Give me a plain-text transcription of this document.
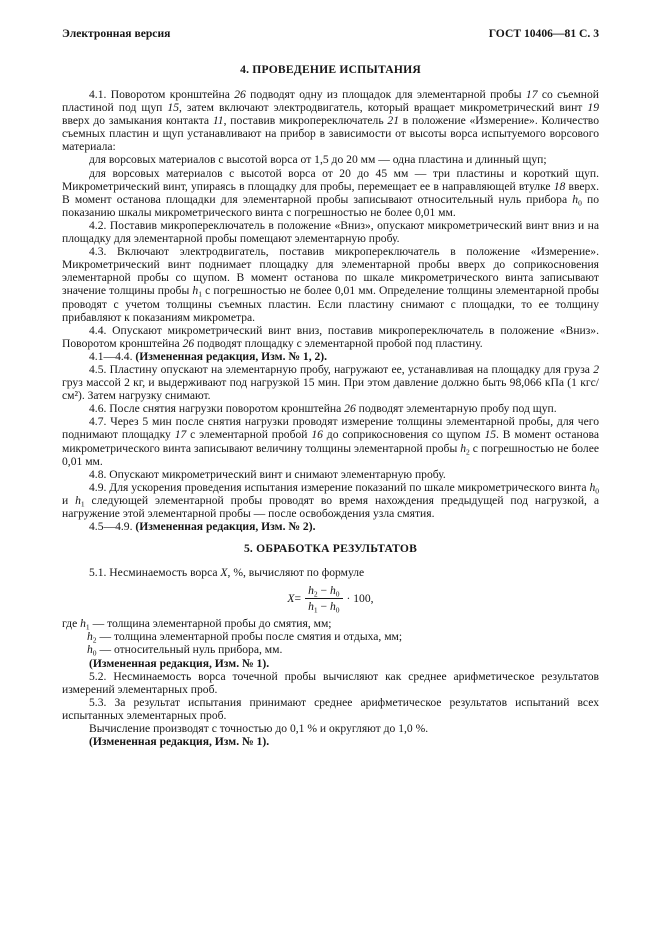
Электронная версия	ГОСТ 10406—81 С. 3
4. ПРОВЕДЕНИЕ ИСПЫТАНИЯ
4.1. Поворотом кронштейна 26 подводят одну из площадок для элементарной пробы 17 со съемной пластиной под щуп 15, затем включают электродвигатель, который вращает микрометрический винт 19 вверх до замыкания контакта 11, поставив микропереключатель 21 в положение «Измерение». Количество съемных пластин и щуп устанавливают на прибор в зависимости от высоты ворса испытуемого ворсового материала:
для ворсовых материалов с высотой ворса от 1,5 до 20 мм — одна пластина и длинный щуп;
для ворсовых материалов с высотой ворса от 20 до 45 мм — три пластины и короткий щуп. Микрометрический винт, упираясь в площадку для пробы, перемещает ее в направляющей втулке 18 вверх. В момент останова площадки для элементарной пробы записывают относительный нуль прибора $h_0$ по показанию шкалы микрометрического винта с погрешностью не более 0,01 мм.
4.2. Поставив микропереключатель в положение «Вниз», опускают микрометрический винт вниз и на площадку для элементарной пробы помещают элементарную пробу.
4.3. Включают электродвигатель, поставив микропереключатель в положение «Измерение». Микрометрический винт поднимает площадку для элементарной пробы вверх до соприкосновения элементарной пробы со щупом. В момент останова по шкале микрометрического винта записывают значение толщины пробы $h_1$ с погрешностью не более 0,01 мм. Определение толщины элементарной пробы проводят с учетом толщины съемных пластин. Если пластину снимают с площадки, то ее толщину прибавляют к показаниям микрометра.
4.4. Опускают микрометрический винт вниз, поставив микропереключатель в положение «Вниз». Поворотом кронштейна 26 подводят площадку с элементарной пробой под пластину.
4.1—4.4. (Измененная редакция, Изм. № 1, 2).
4.5. Пластину опускают на элементарную пробу, нагружают ее, устанавливая на площадку для груза 2 груз массой 2 кг, и выдерживают под нагрузкой 15 мин. При этом давление должно быть 98,066 кПа (1 кгс/см²). Затем нагрузку снимают.
4.6. После снятия нагрузки поворотом кронштейна 26 подводят элементарную пробу под щуп.
4.7. Через 5 мин после снятия нагрузки проводят измерение толщины элементарной пробы, для чего поднимают площадку 17 с элементарной пробой 16 до соприкосновения со щупом 15. В момент останова микрометрического винта записывают величину толщины элементарной пробы $h_2$ с погрешностью не более 0,01 мм.
4.8. Опускают микрометрический винт и снимают элементарную пробу.
4.9. Для ускорения проведения испытания измерение показаний по шкале микрометрического винта $h_0$ и $h_1$ следующей элементарной пробы проводят во время нахождения предыдущей под нагрузкой, а нагружение этой элементарной пробы — после освобождения узла смятия.
4.5—4.9. (Измененная редакция, Изм. № 2).
5. ОБРАБОТКА РЕЗУЛЬТАТОВ
5.1. Несминаемость ворса X, %, вычисляют по формуле
$X = \frac{h_2 - h_0}{h_1 - h_0} \cdot 100$,
где $h_1$ — толщина элементарной пробы до смятия, мм;
$h_2$ — толщина элементарной пробы после смятия и отдыха, мм;
$h_0$ — относительный нуль прибора, мм.
(Измененная редакция, Изм. № 1).
5.2. Несминаемость ворса точечной пробы вычисляют как среднее арифметическое результатов измерений элементарных проб.
5.3. За результат испытания принимают среднее арифметическое результатов испытаний всех испытанных элементарных проб.
Вычисление производят с точностью до 0,1 % и округляют до 1,0 %.
(Измененная редакция, Изм. № 1).
